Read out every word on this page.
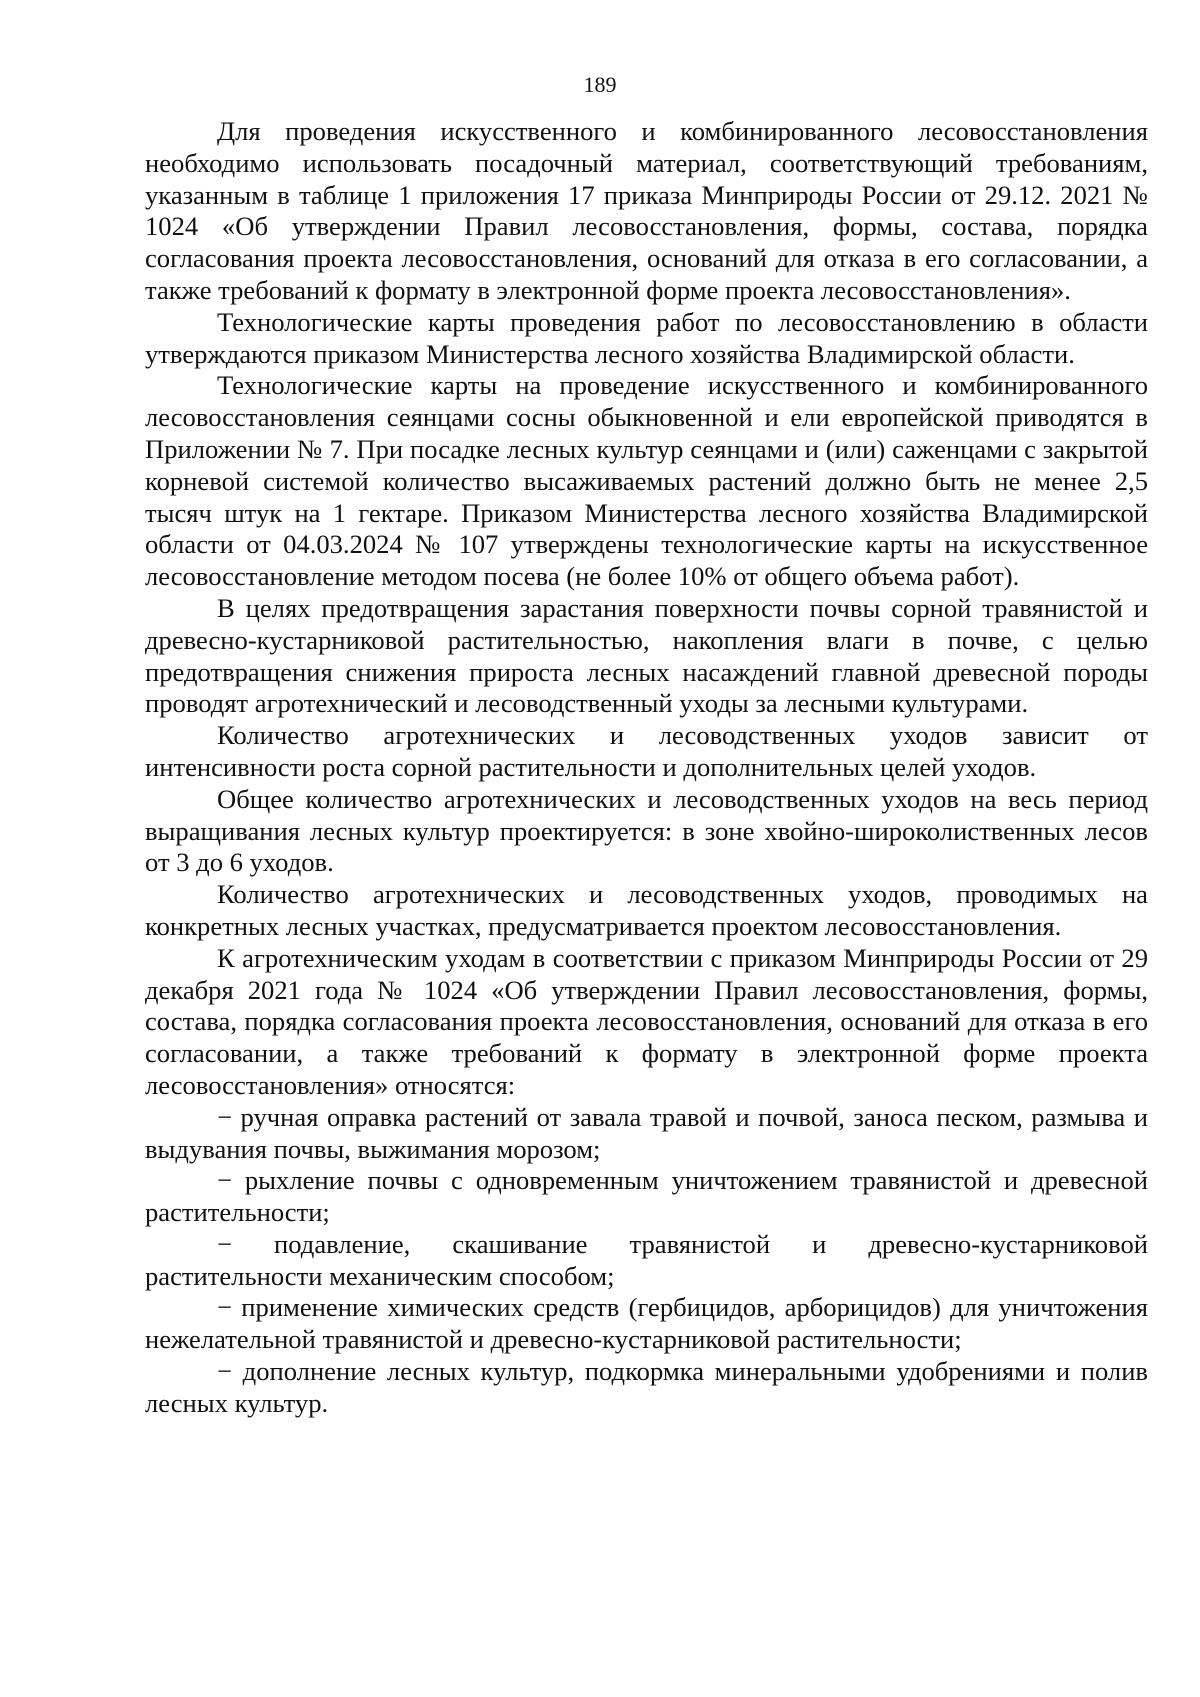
189

Для проведения искусственного и комбинированного лесовосстановления необходимо использовать посадочный материал, соответствующий требованиям, указанным в таблице 1 приложения 17 приказа Минприроды России от 29.12. 2021 № 1024 «Об утверждении Правил лесовосстановления, формы, состава, порядка согласования проекта лесовосстановления, оснований для отказа в его согласовании, а также требований к формату в электронной форме проекта лесовосстановления».

Технологические карты проведения работ по лесовосстановлению в области утверждаются приказом Министерства лесного хозяйства Владимирской области.

Технологические карты на проведение искусственного и комбинированного лесовосстановления сеянцами сосны обыкновенной и ели европейской приводятся в Приложении № 7. При посадке лесных культур сеянцами и (или) саженцами с закрытой корневой системой количество высаживаемых растений должно быть не менее 2,5 тысяч штук на 1 гектаре. Приказом Министерства лесного хозяйства Владимирской области от 04.03.2024 № 107 утверждены технологические карты на искусственное лесовосстановление методом посева (не более 10% от общего объема работ).

В целях предотвращения зарастания поверхности почвы сорной травянистой и древесно-кустарниковой растительностью, накопления влаги в почве, с целью предотвращения снижения прироста лесных насаждений главной древесной породы проводят агротехнический и лесоводственный уходы за лесными культурами.

Количество агротехнических и лесоводственных уходов зависит от интенсивности роста сорной растительности и дополнительных целей уходов.

Общее количество агротехнических и лесоводственных уходов на весь период выращивания лесных культур проектируется: в зоне хвойно-широколиственных лесов от 3 до 6 уходов.

Количество агротехнических и лесоводственных уходов, проводимых на конкретных лесных участках, предусматривается проектом лесовосстановления.

К агротехническим уходам в соответствии с приказом Минприроды России от 29 декабря 2021 года № 1024 «Об утверждении Правил лесовосстановления, формы, состава, порядка согласования проекта лесовосстановления, оснований для отказа в его согласовании, а также требований к формату в электронной форме проекта лесовосстановления» относятся:

− ручная оправка растений от завала травой и почвой, заноса песком, размыва и выдувания почвы, выжимания морозом;

− рыхление почвы с одновременным уничтожением травянистой и древесной растительности;

− подавление, скашивание травянистой и древесно-кустарниковой растительности механическим способом;

− применение химических средств (гербицидов, арборицидов) для уничтожения нежелательной травянистой и древесно-кустарниковой растительности;

− дополнение лесных культур, подкормка минеральными удобрениями и полив лесных культур.
